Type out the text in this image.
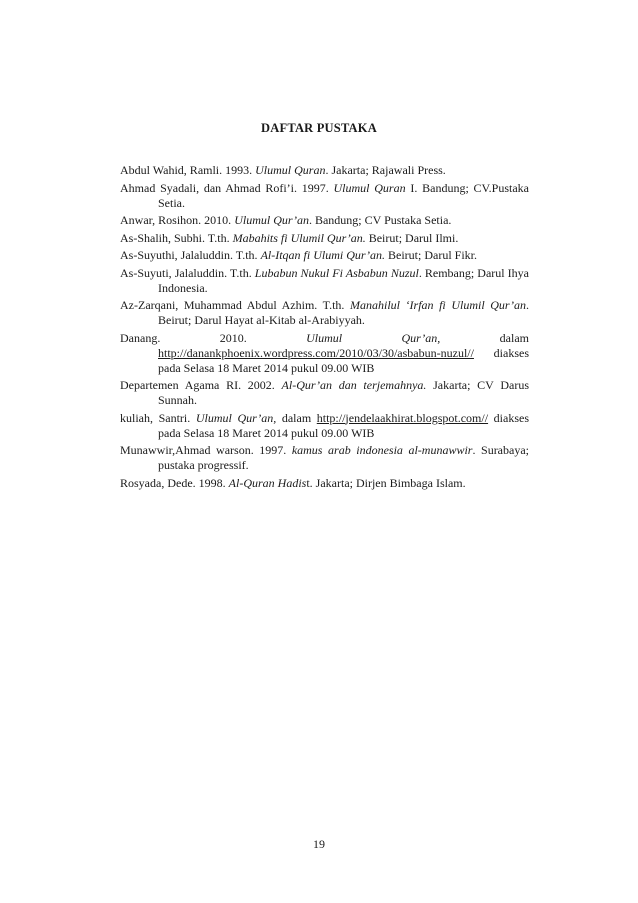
DAFTAR PUSTAKA
Abdul Wahid, Ramli. 1993. Ulumul Quran. Jakarta; Rajawali Press.
Ahmad Syadali, dan Ahmad Rofi’i. 1997. Ulumul Quran I. Bandung; CV.Pustaka Setia.
Anwar, Rosihon. 2010. Ulumul Qur’an. Bandung; CV Pustaka Setia.
As-Shalih, Subhi. T.th. Mabahits fi Ulumil Qur’an. Beirut; Darul Ilmi.
As-Suyuthi, Jalaluddin. T.th. Al-Itqan fi Ulumi Qur’an. Beirut; Darul Fikr.
As-Suyuti, Jalaluddin. T.th. Lubabun Nukul Fi Asbabun Nuzul. Rembang; Darul Ihya Indonesia.
Az-Zarqani, Muhammad Abdul Azhim. T.th. Manahilul ‘Irfan fi Ulumil Qur’an. Beirut; Darul Hayat al-Kitab al-Arabiyyah.
Danang. 2010. Ulumul Qur’an, dalam http://danankphoenix.wordpress.com/2010/03/30/asbabun-nuzul// diakses pada Selasa 18 Maret 2014 pukul 09.00 WIB
Departemen Agama RI. 2002. Al-Qur’an dan terjemahnya. Jakarta; CV Darus Sunnah.
kuliah, Santri. Ulumul Qur’an, dalam http://jendelaakhirat.blogspot.com// diakses pada Selasa 18 Maret 2014 pukul 09.00 WIB
Munawwir,Ahmad warson. 1997. kamus arab indonesia al-munawwir. Surabaya; pustaka progressif.
Rosyada, Dede. 1998. Al-Quran Hadist. Jakarta; Dirjen Bimbaga Islam.
19
